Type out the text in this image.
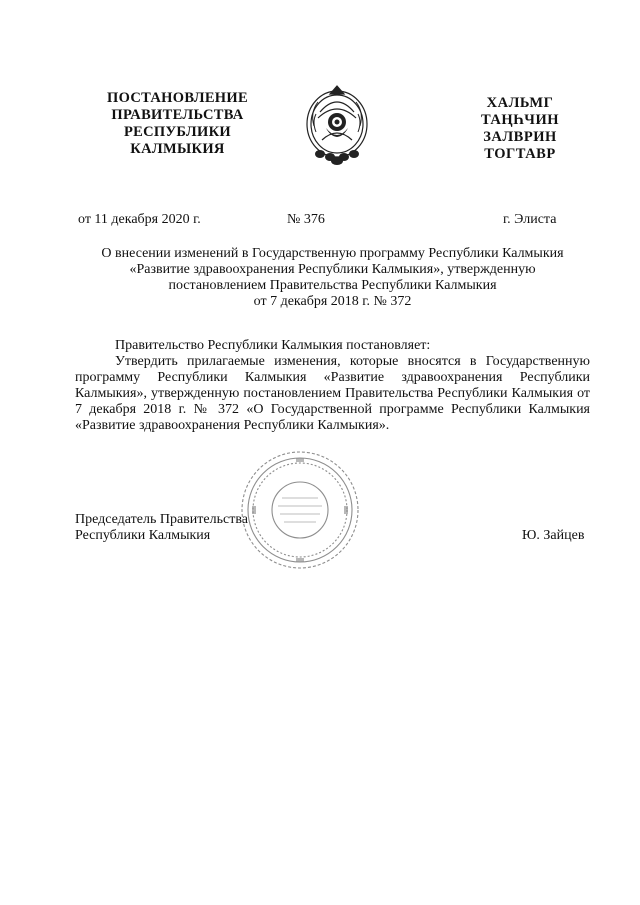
ПОСТАНОВЛЕНИЕ
ПРАВИТЕЛЬСТВА
РЕСПУБЛИКИ
КАЛМЫКИЯ
ХАЛЬМГ
ТАҢҺЧИН
ЗАЛВРИН
ТОГТАВР
от 11 декабря 2020 г.	№ 376	г. Элиста
О внесении изменений в Государственную программу Республики Калмыкия
«Развитие здравоохранения Республики Калмыкия», утвержденную
постановлением Правительства Республики Калмыкия
от 7 декабря 2018 г. № 372
Правительство Республики Калмыкия постановляет:

Утвердить прилагаемые изменения, которые вносятся в Государственную программу Республики Калмыкия «Развитие здравоохранения Республики Калмыкия», утвержденную постановлением Правительства Республики Калмыкия от 7 декабря 2018 г. № 372 «О Государственной программе Республики Калмыкия «Развитие здравоохранения Республики Калмыкия».

Председатель Правительства
Республики Калмыкия	Ю. Зайцев
